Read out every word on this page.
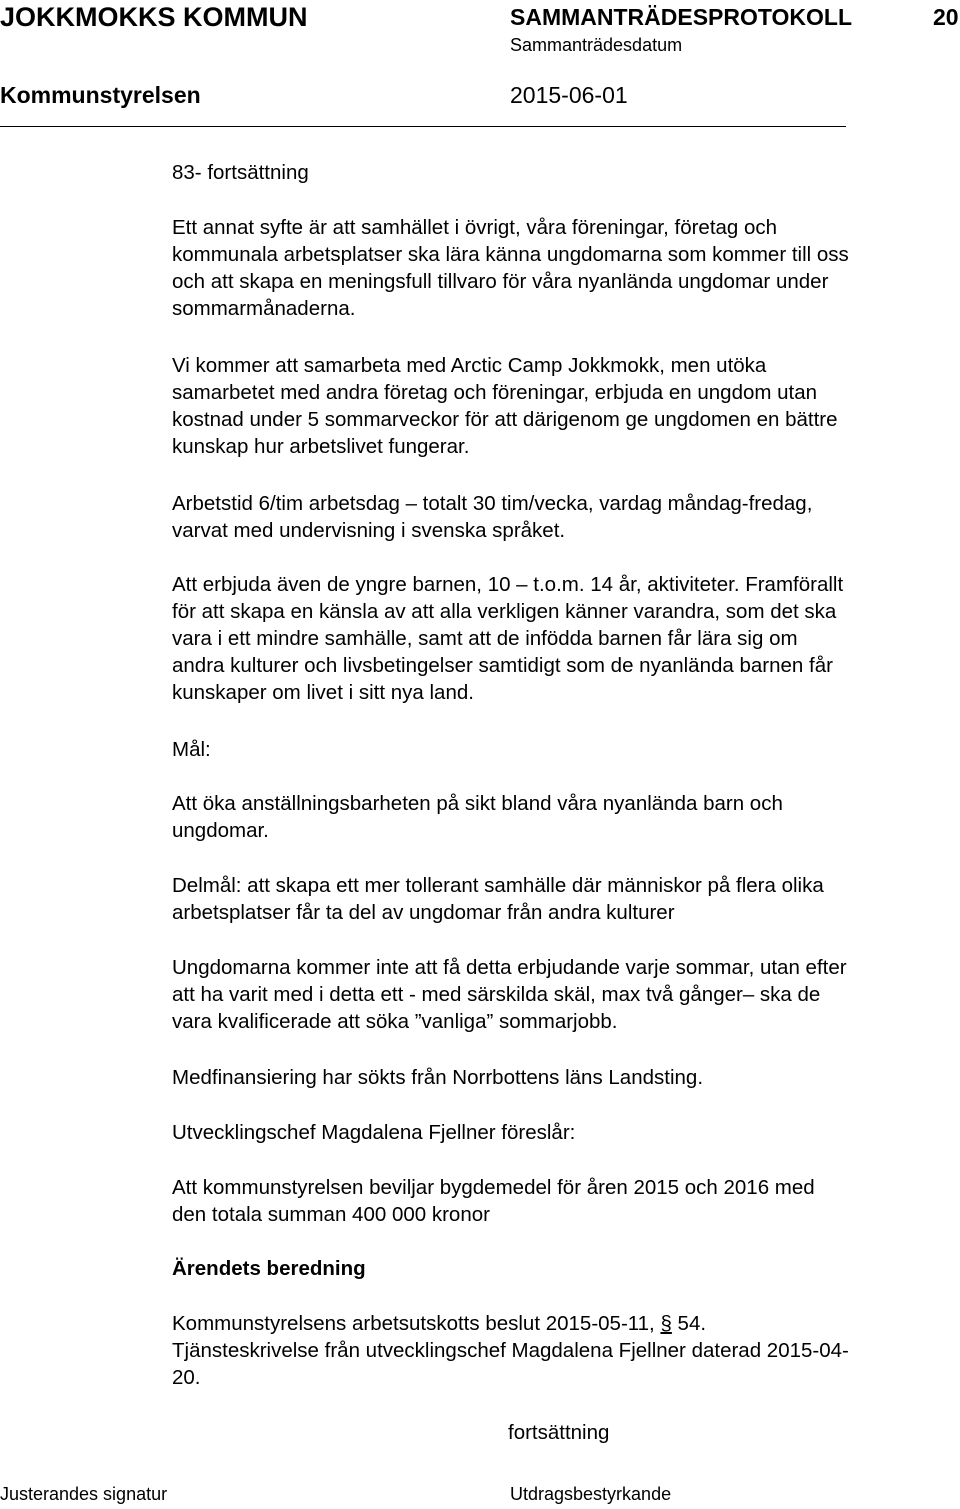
JOKKMOKKS KOMMUN	SAMMANTRÄDESPROTOKOLL	20
Sammanträdesdatum
Kommunstyrelsen	2015-06-01
83- fortsättning
Ett annat syfte är att samhället i övrigt, våra föreningar, företag och
kommunala arbetsplatser ska lära känna ungdomarna som kommer till oss
och att skapa en meningsfull tillvaro för våra nyanlända ungdomar under
sommarmånaderna.
Vi kommer att samarbeta med Arctic Camp Jokkmokk, men utöka
samarbetet med andra företag och föreningar, erbjuda en ungdom utan
kostnad under 5 sommarveckor för att därigenom ge ungdomen en bättre
kunskap hur arbetslivet fungerar.
Arbetstid 6/tim arbetsdag – totalt 30 tim/vecka, vardag måndag-fredag,
varvat med undervisning i svenska språket.
Att erbjuda även de yngre barnen, 10 – t.o.m. 14 år, aktiviteter. Framförallt
för att skapa en känsla av att alla verkligen känner varandra, som det ska
vara i ett mindre samhälle, samt att de infödda barnen får lära sig om
andra kulturer och livsbetingelser samtidigt som de nyanlända barnen får
kunskaper om livet i sitt nya land.
Mål:
Att öka anställningsbarheten på sikt bland våra nyanlända barn och
ungdomar.
Delmål: att skapa ett mer tollerant samhälle där människor på flera olika
arbetsplatser får ta del av ungdomar från andra kulturer
Ungdomarna kommer inte att få detta erbjudande varje sommar, utan efter
att ha varit med i detta ett - med särskilda skäl, max två gånger– ska de
vara kvalificerade att söka ”vanliga” sommarjobb.
Medfinansiering har sökts från Norrbottens läns Landsting.
Utvecklingschef Magdalena Fjellner föreslår:
Att kommunstyrelsen beviljar bygdemedel för åren 2015 och 2016 med
den totala summan 400 000 kronor
Ärendets beredning
Kommunstyrelsens arbetsutskotts beslut 2015-05-11, § 54.
Tjänsteskrivelse från utvecklingschef Magdalena Fjellner daterad 2015-04-
20.
fortsättning
Justerandes signatur	Utdragsbestyrkande
